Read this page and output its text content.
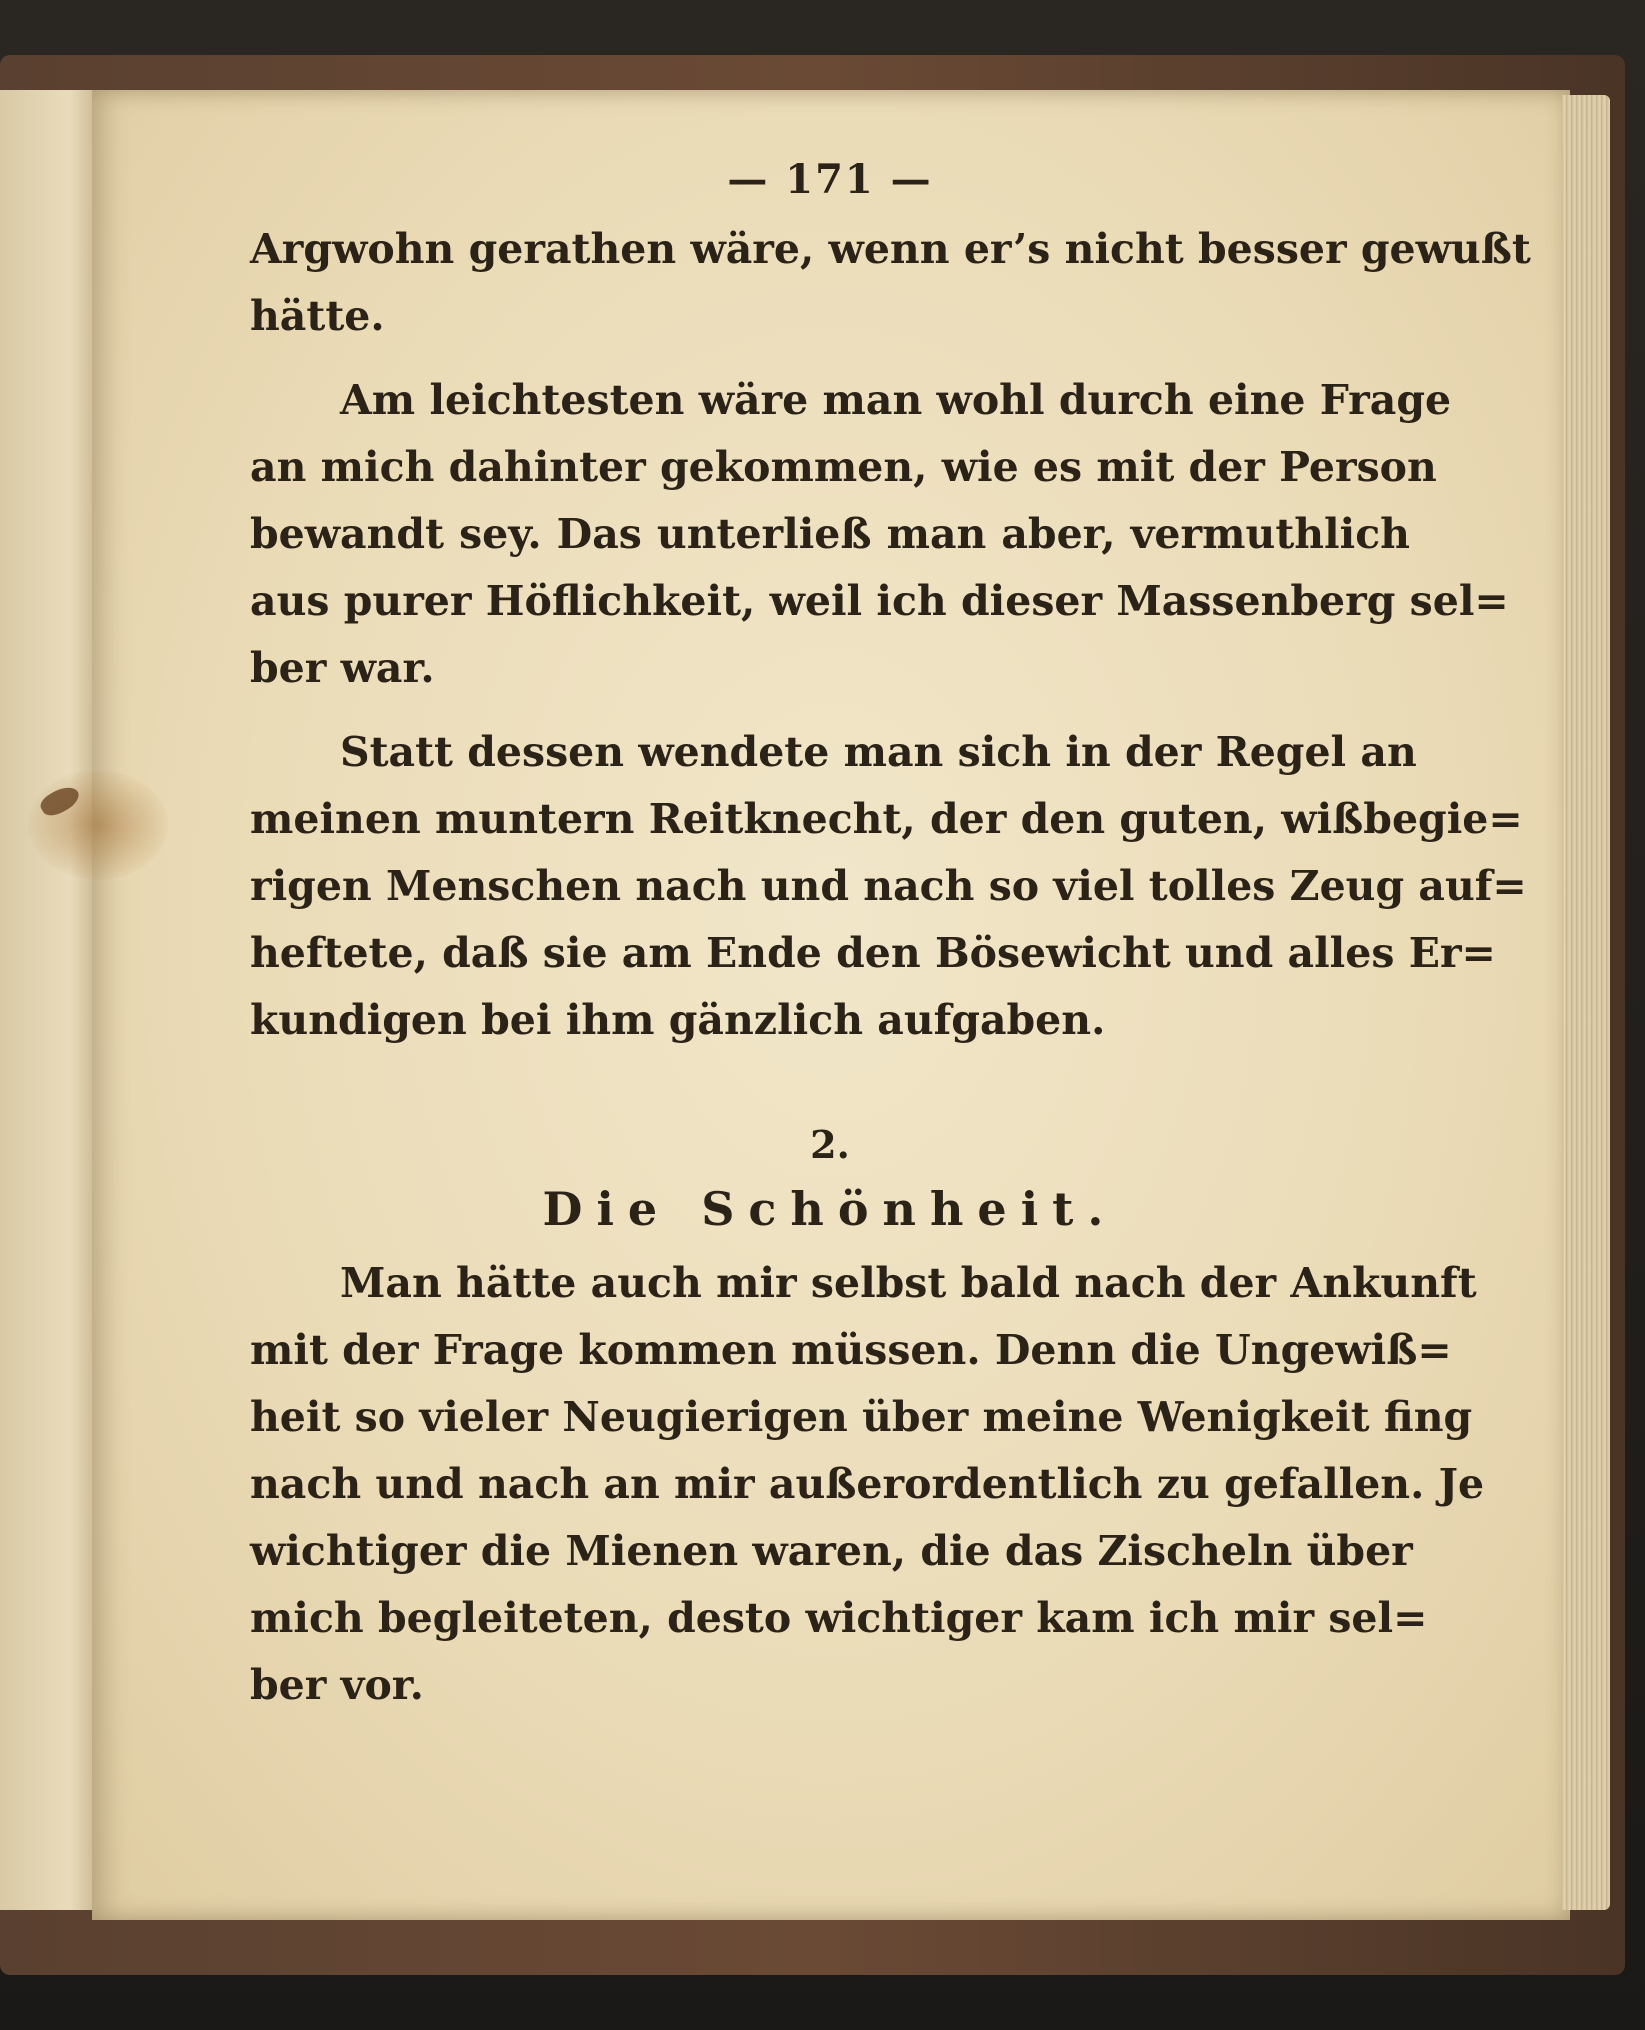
— 171 —
Argwohn gerathen wäre, wenn er’s nicht besser gewußt
hätte.
Am leichtesten wäre man wohl durch eine Frage
an mich dahinter gekommen, wie es mit der Person
bewandt sey. Das unterließ man aber, vermuthlich
aus purer Höflichkeit, weil ich dieser Massenberg sel=
ber war.
Statt dessen wendete man sich in der Regel an
meinen muntern Reitknecht, der den guten, wißbegie=
rigen Menschen nach und nach so viel tolles Zeug auf=
heftete, daß sie am Ende den Bösewicht und alles Er=
kundigen bei ihm gänzlich aufgaben.
2.
Die Schönheit.
Man hätte auch mir selbst bald nach der Ankunft
mit der Frage kommen müssen. Denn die Ungewiß=
heit so vieler Neugierigen über meine Wenigkeit fing
nach und nach an mir außerordentlich zu gefallen. Je
wichtiger die Mienen waren, die das Zischeln über
mich begleiteten, desto wichtiger kam ich mir sel=
ber vor.
